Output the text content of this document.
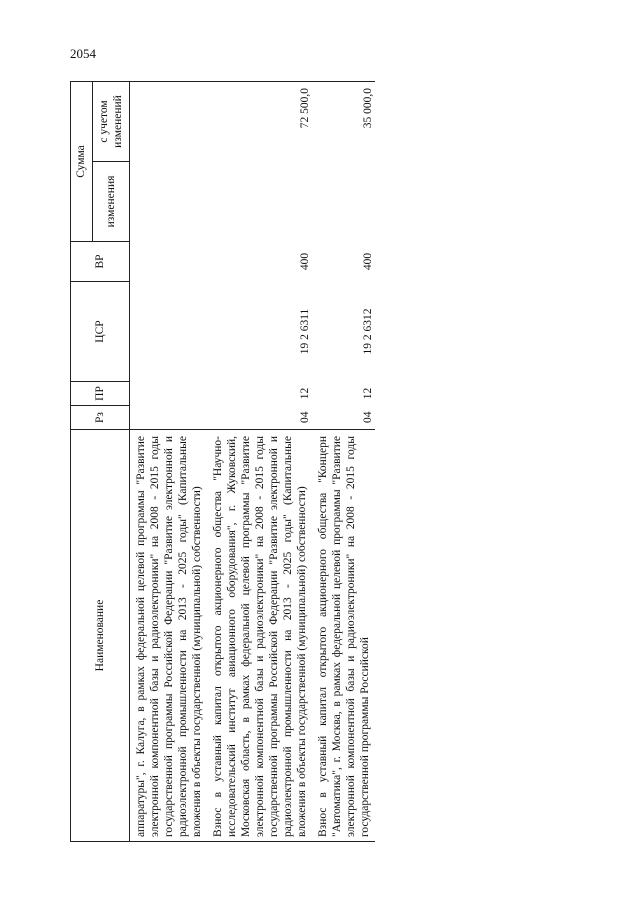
2054
Наименование	Рз	ПР	ЦСР	ВР	Сумма	
					изменения	с учетом изменений
аппаратуры", г. Калуга, в рамках федеральной целевой программы "Развитие электронной компонентной базы и радиоэлектроники" на 2008 - 2015 годы государственной программы Российской Федерации "Развитие электронной и радиоэлектронной промышленности на 2013 - 2025 годы" (Капитальные вложения в объекты государственной (муниципальной) собственности)						
Взнос в уставный капитал открытого акционерного общества "Научно-исследовательский институт авиационного оборудования", г. Жуковский, Московская область, в рамках федеральной целевой программы "Развитие электронной компонентной базы и радиоэлектроники" на 2008 - 2015 годы государственной программы Российской Федерации "Развитие электронной и радиоэлектронной промышленности на 2013 - 2025 годы" (Капитальные вложения в объекты государственной (муниципальной) собственности)	04	12	19 2 6311	400		72 500,0
Взнос в уставный капитал открытого акционерного общества "Концерн "Автоматика", г. Москва, в рамках федеральной целевой программы "Развитие электронной компонентной базы и радиоэлектроники" на 2008 - 2015 годы государственной программы Российской	04	12	19 2 6312	400		35 000,0
